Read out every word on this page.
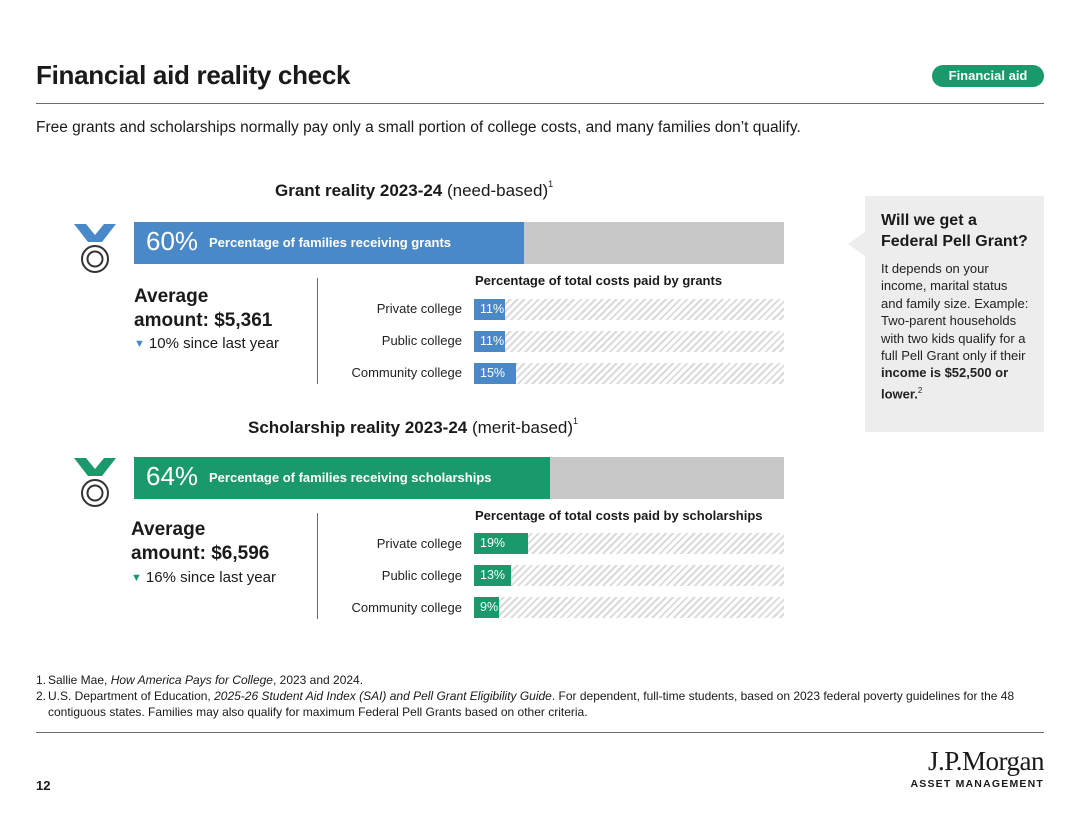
Financial aid reality check	Financial aid
Free grants and scholarships normally pay only a small portion of college costs, and many families don’t qualify.
Grant reality 2023-24 (need-based)$^1$
60% Percentage of families receiving grants
Average
amount: $5,361
▼ 10% since last year
Percentage of total costs paid by grants
Private college
Public college
Community college
11%
11%
15%
Scholarship reality 2023-24 (merit-based)$^1$
64% Percentage of families receiving scholarships
Average
amount: $6,596
▼ 16% since last year
Percentage of total costs paid by scholarships
Private college
Public college
Community college
19%
13%
9%
Will we get a Federal Pell Grant?

It depends on your income, marital status and family size. Example: Two-parent households with two kids qualify for a full Pell Grant only if their income is $52,500 or lower.$^2$

1. Sallie Mae, How America Pays for College, 2023 and 2024.
2. U.S. Department of Education, 2025-26 Student Aid Index (SAI) and Pell Grant Eligibility Guide. For dependent, full-time students, based on 2023 federal poverty guidelines for the 48 contiguous states. Families may also qualify for maximum Federal Pell Grants based on other criteria.
12
J.P.Morgan
ASSET MANAGEMENT
